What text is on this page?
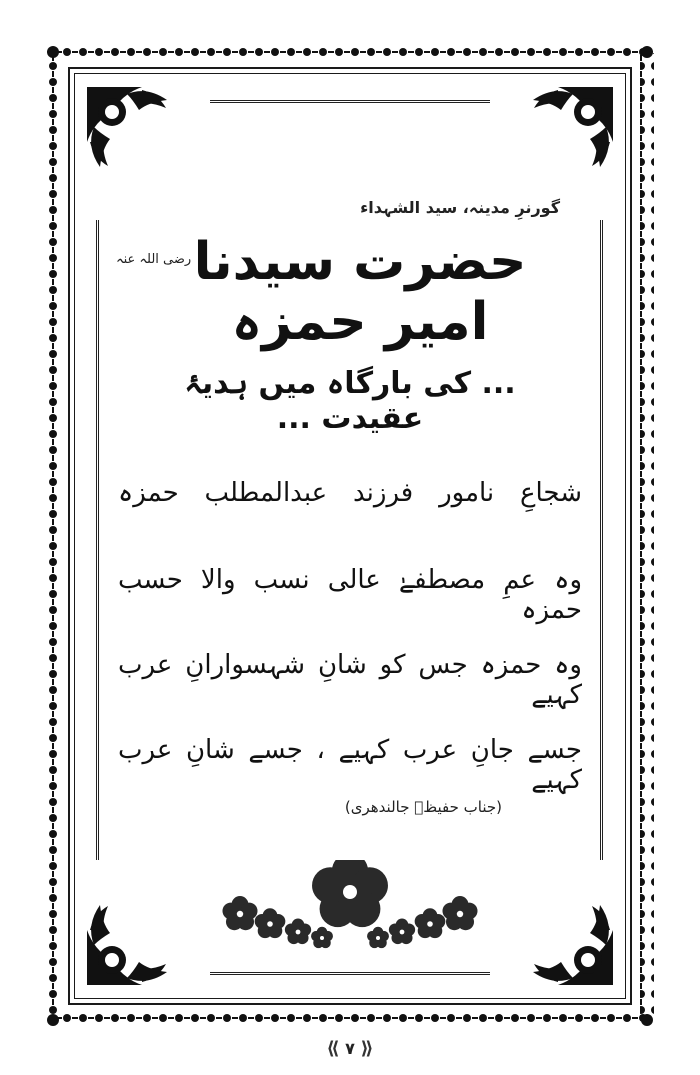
گورنرِ مدینہ، سید الشہداء
حضرت سیدنا امیر حمزہ
رضی اللہ عنہ
... کی بارگاہ میں ہدیۂ عقیدت ...
شجاعِ نامور فرزند عبدالمطلب حمزہ
وہ عمِ مصطفےٰ عالی نسب والا حسب حمزہ
وہ حمزہ جس کو شانِ شہسوارانِ عرب کہیے
جسے جانِ عرب کہیے ، جسے شانِ عرب کہیے
(جناب حفیظؔ جالندھری)
⟪ ۷ ⟫
